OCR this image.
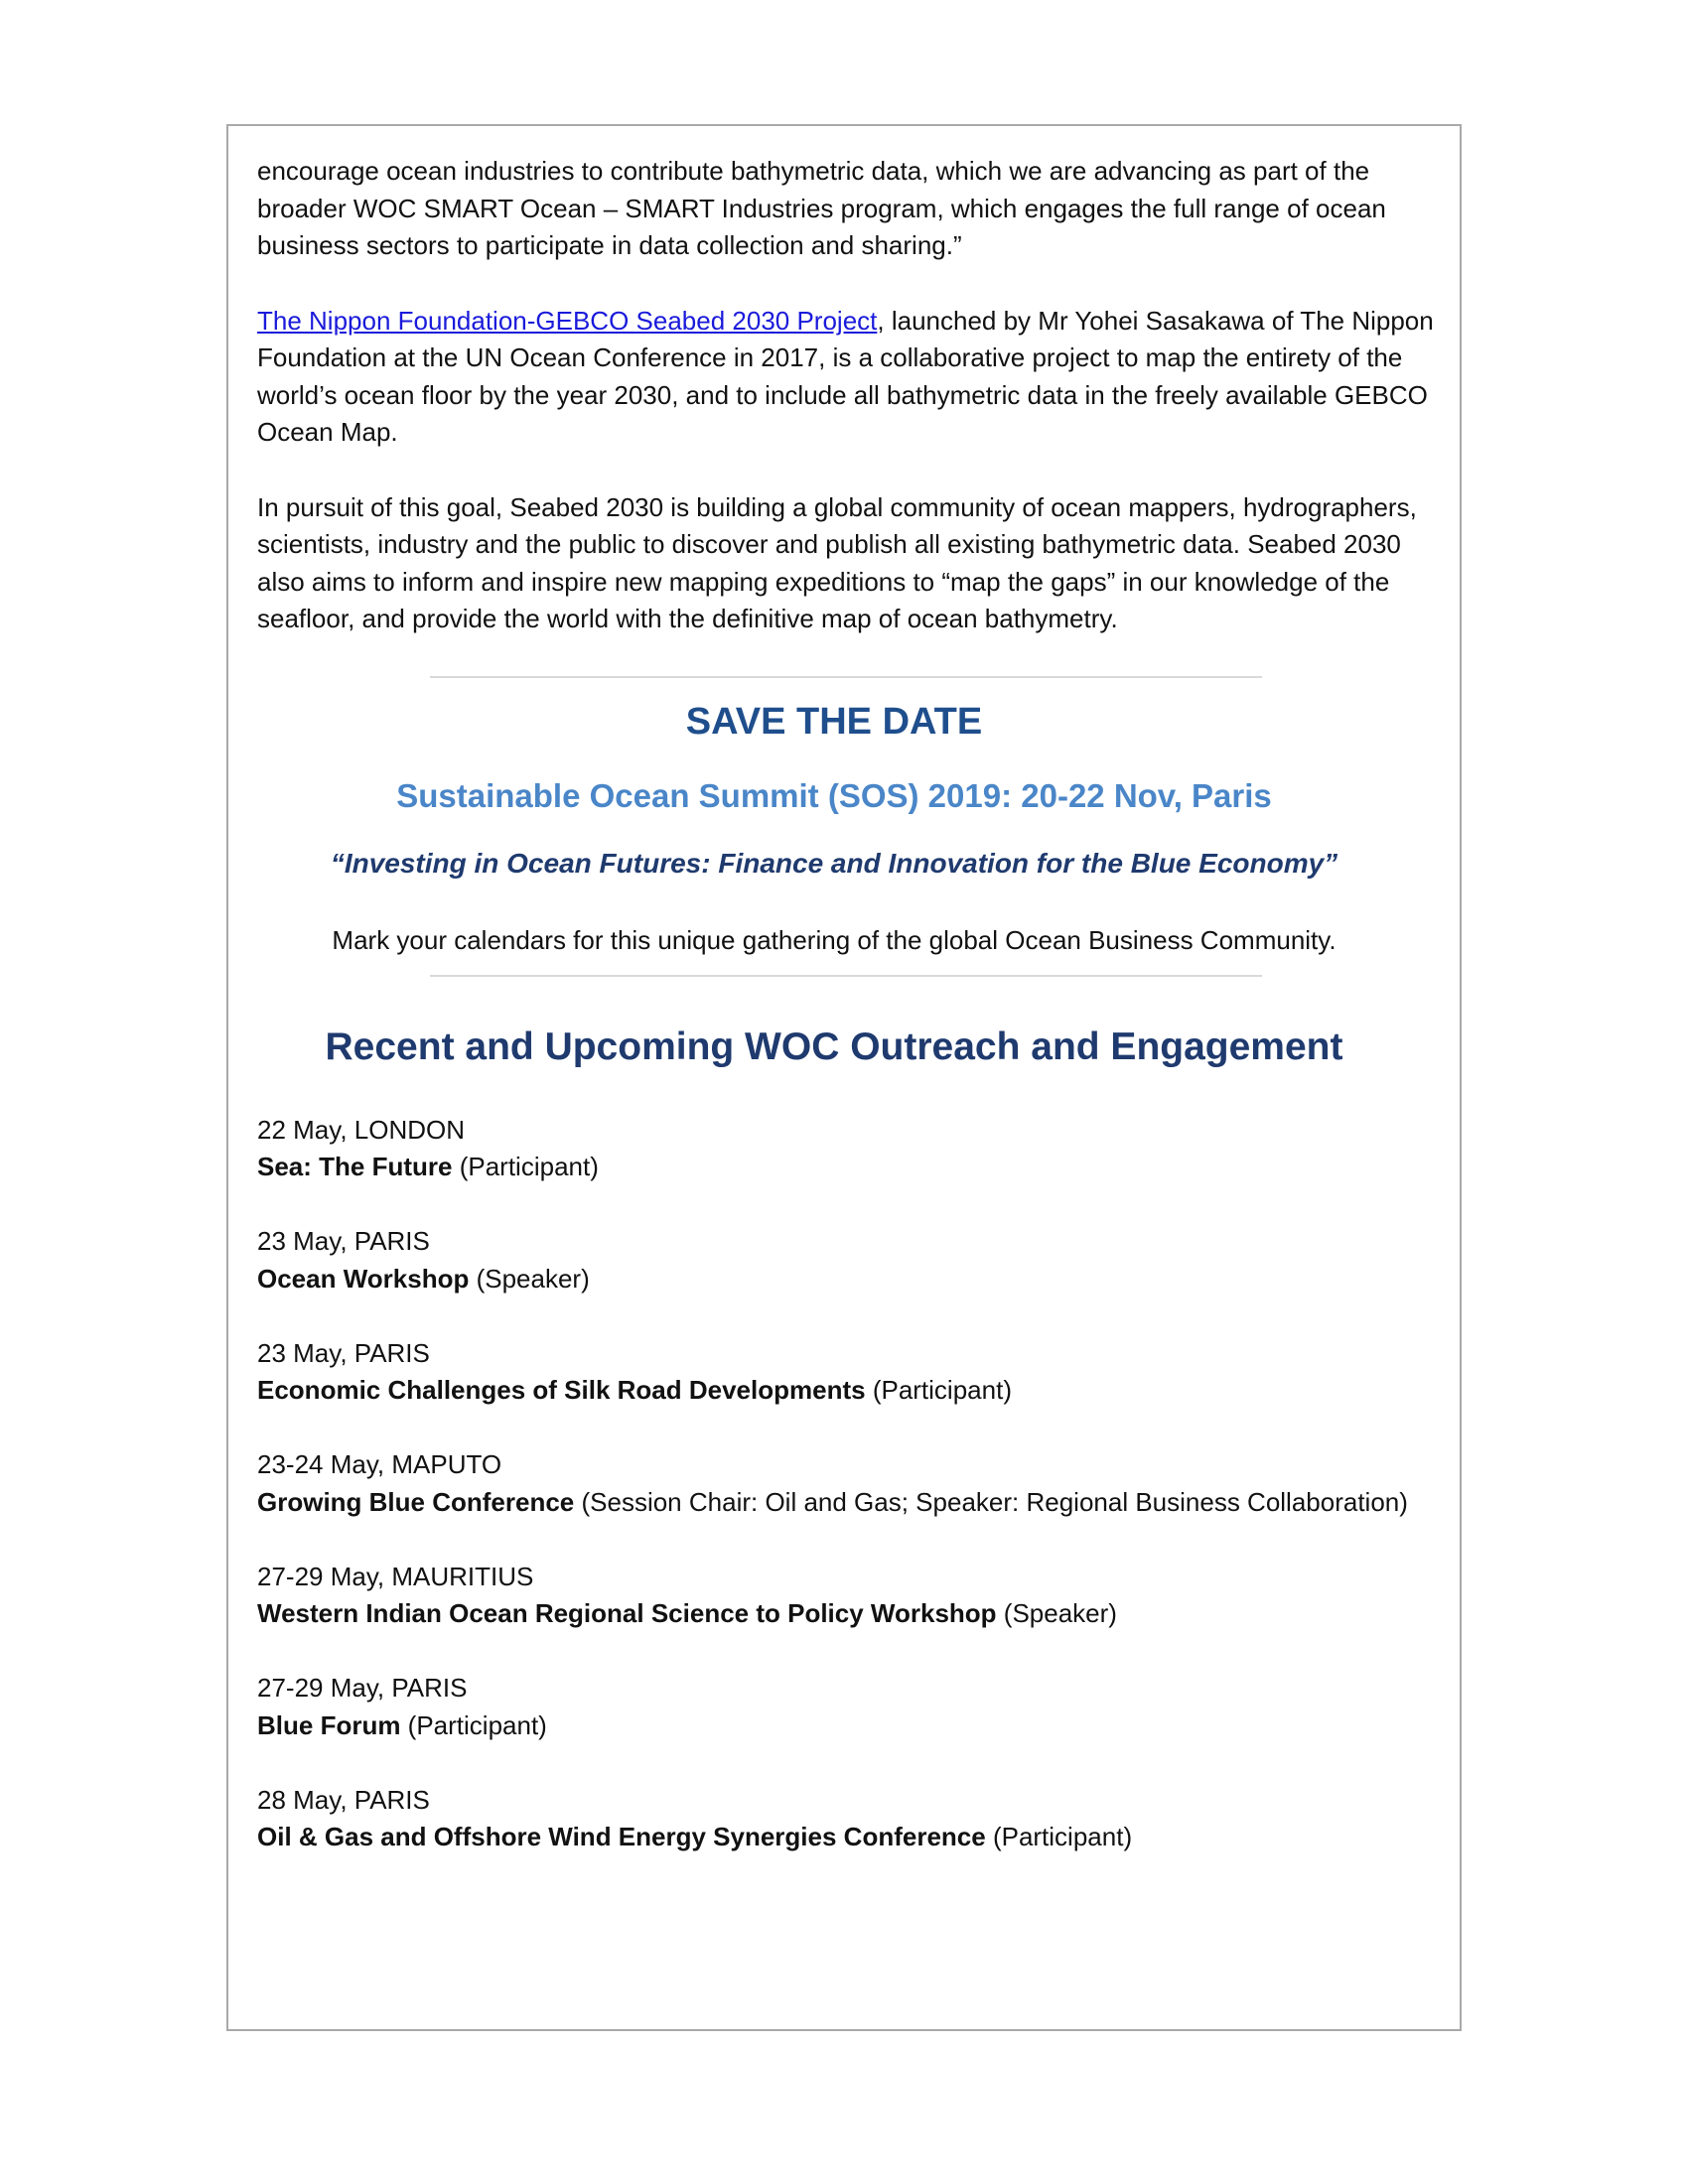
encourage ocean industries to contribute bathymetric data, which we are advancing as part of the broader WOC SMART Ocean – SMART Industries program, which engages the full range of ocean business sectors to participate in data collection and sharing.”

The Nippon Foundation-GEBCO Seabed 2030 Project, launched by Mr Yohei Sasakawa of The Nippon Foundation at the UN Ocean Conference in 2017, is a collaborative project to map the entirety of the world’s ocean floor by the year 2030, and to include all bathymetric data in the freely available GEBCO Ocean Map.

In pursuit of this goal, Seabed 2030 is building a global community of ocean mappers, hydrographers, scientists, industry and the public to discover and publish all existing bathymetric data. Seabed 2030 also aims to inform and inspire new mapping expeditions to “map the gaps” in our knowledge of the seafloor, and provide the world with the definitive map of ocean bathymetry.

SAVE THE DATE
Sustainable Ocean Summit (SOS) 2019: 20-22 Nov, Paris
“Investing in Ocean Futures: Finance and Innovation for the Blue Economy”
Mark your calendars for this unique gathering of the global Ocean Business Community.
Recent and Upcoming WOC Outreach and Engagement
22 May, LONDON
Sea: The Future (Participant)
23 May, PARIS
Ocean Workshop (Speaker)
23 May, PARIS
Economic Challenges of Silk Road Developments (Participant)
23-24 May, MAPUTO
Growing Blue Conference (Session Chair: Oil and Gas; Speaker: Regional Business Collaboration)
27-29 May, MAURITIUS
Western Indian Ocean Regional Science to Policy Workshop (Speaker)
27-29 May, PARIS
Blue Forum (Participant)
28 May, PARIS
Oil & Gas and Offshore Wind Energy Synergies Conference (Participant)
